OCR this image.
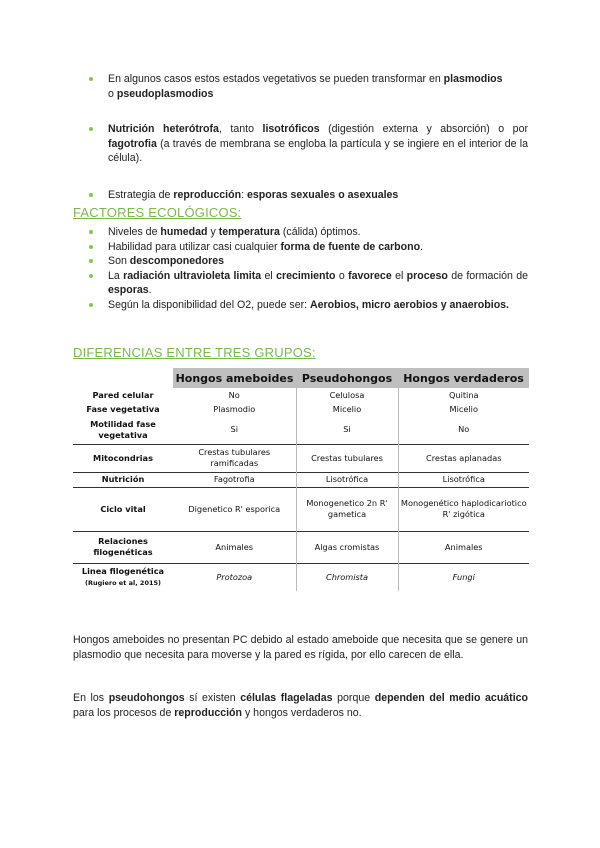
En algunos casos estos estados vegetativos se pueden transformar en plasmodios
o pseudoplasmodios
Nutrición heterótrofa, tanto lisotróficos (digestión externa y absorción) o por fagotrofia (a través de membrana se engloba la partícula y se ingiere en el interior de la célula).
Estrategia de reproducción: esporas sexuales o asexuales
FACTORES ECOLÓGICOS:
Niveles de humedad y temperatura (cálida) óptimos.
Habilidad para utilizar casi cualquier forma de fuente de carbono.
Son descomponedores
La radiación ultravioleta limita el crecimiento o favorece el proceso de formación de esporas.
Según la disponibilidad del O2, puede ser: Aerobios, micro aerobios y anaerobios.
DIFERENCIAS ENTRE TRES GRUPOS:
	Hongos ameboides	Pseudohongos	Hongos verdaderos
Pared celular	No	Celulosa	Quitina
Fase vegetativa	Plasmodio	Micelio	Micelio
Motilidad fase vegetativa	Si	Si	No
Mitocondrias	Crestas tubulares ramificadas	Crestas tubulares	Crestas aplanadas
Nutrición	Fagotrofia	Lisotrófica	Lisotrófica
Ciclo vital	Digenetico R' esporica	Monogenetico 2n R' gametica	Monogenético haplodicariotico R' zigótica
Relaciones filogenéticas	Animales	Algas cromistas	Animales
Linea filogenética
(Rugiero et al, 2015)	Protozoa	Chromista	Fungi

Hongos ameboides no presentan PC debido al estado ameboide que necesita que se genere un plasmodio que necesita para moverse y la pared es rígida, por ello carecen de ella.

En los pseudohongos sí existen células flageladas porque dependen del medio acuático para los procesos de reproducción y hongos verdaderos no.
